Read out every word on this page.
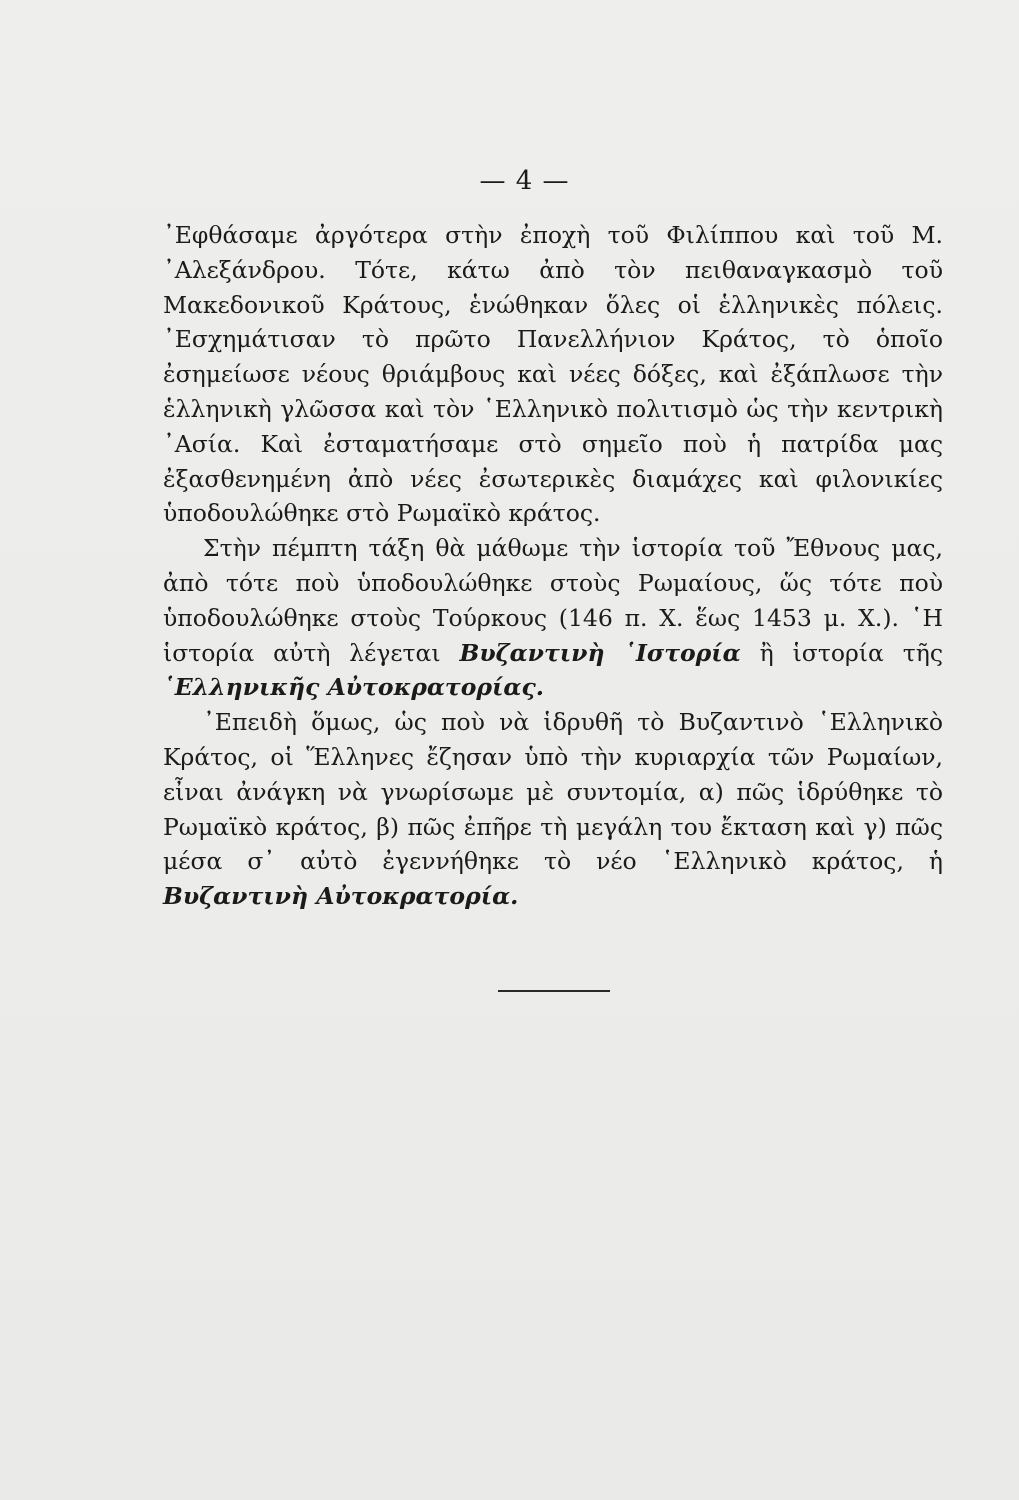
— 4 —

᾿Εφθάσαμε ἀργότερα στὴν ἐποχὴ τοῦ Φιλίππου καὶ τοῦ Μ. ᾿Αλεξάνδρου. Τότε, κάτω ἀπὸ τὸν πειθαναγκασμὸ τοῦ Μακεδονικοῦ Κράτους, ἑνώθηκαν ὅλες οἱ ἑλληνικὲς πόλεις. ᾿Εσχημάτισαν τὸ πρῶτο Πανελλήνιον Κράτος, τὸ ὁποῖο ἐσημείωσε νέους θριάμβους καὶ νέες δόξες, καὶ ἐξάπλωσε τὴν ἑλληνικὴ γλῶσσα καὶ τὸν ῾Ελληνικὸ πολιτισμὸ ὡς τὴν κεντρικὴ ᾿Ασία. Καὶ ἐσταματήσαμε στὸ σημεῖο ποὺ ἡ πατρίδα μας ἐξασθενημένη ἀπὸ νέες ἐσωτερικὲς διαμάχες καὶ φιλονικίες ὑποδουλώθηκε στὸ Ρωμαϊκὸ κράτος.

Στὴν πέμπτη τάξη θὰ μάθωμε τὴν ἱστορία τοῦ Ἔθνους μας, ἀπὸ τότε ποὺ ὑποδουλώθηκε στοὺς Ρωμαίους, ὥς τότε ποὺ ὑποδουλώθηκε στοὺς Τούρκους (146 π. Χ. ἕως 1453 μ. Χ.). ῾Η ἱστορία αὐτὴ λέγεται Βυζαντινὴ ῾Ιστορία ἢ ἱστορία τῆς ῾Ελληνικῆς Αὐτοκρατορίας.

᾿Επειδὴ ὅμως, ὡς ποὺ νὰ ἱδρυθῆ τὸ Βυζαντινὸ ῾Ελληνικὸ Κράτος, οἱ Ἕλληνες ἔζησαν ὑπὸ τὴν κυριαρχία τῶν Ρωμαίων, εἶναι ἀνάγκη νὰ γνωρίσωμε μὲ συντομία, α) πῶς ἱδρύθηκε τὸ Ρωμαϊκὸ κράτος, β) πῶς ἐπῆρε τὴ μεγάλη του ἔκταση καὶ γ) πῶς μέσα σ᾿ αὐτὸ ἐγεννήθηκε τὸ νέο ῾Ελληνικὸ κράτος, ἡ Βυζαντινὴ Αὐτοκρατορία.
